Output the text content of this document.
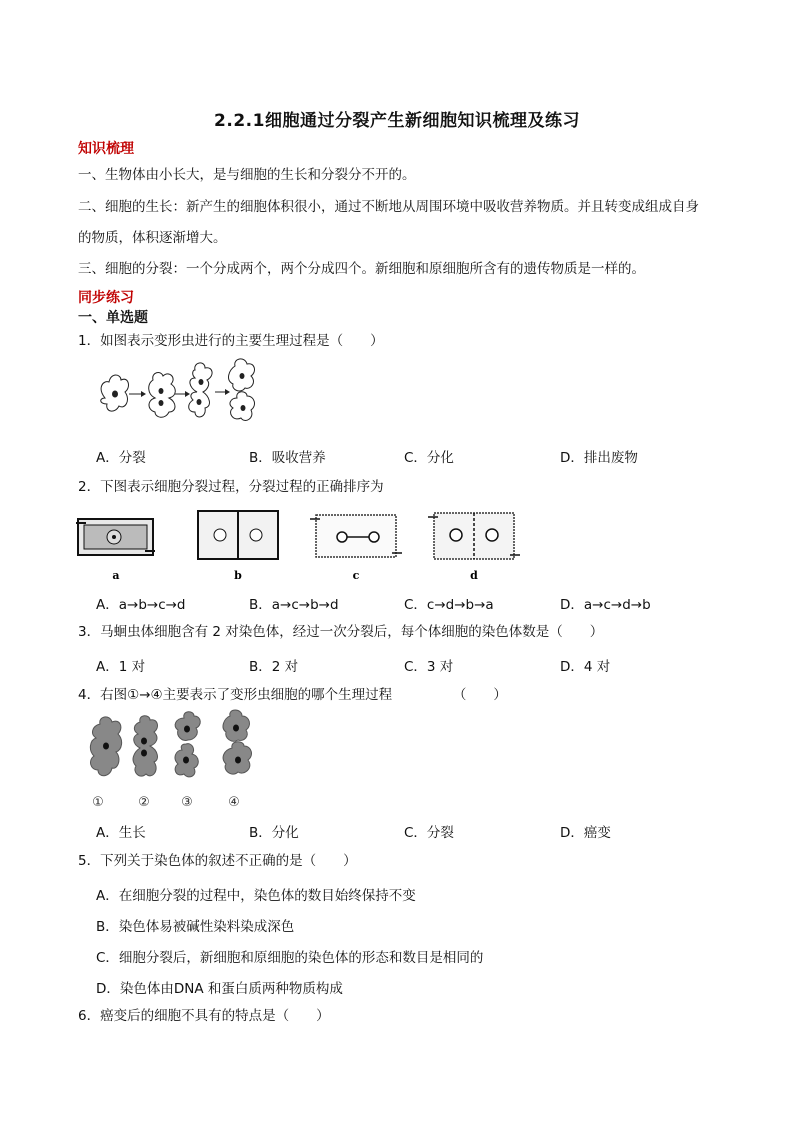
2.2.1细胞通过分裂产生新细胞知识梳理及练习
知识梳理
一、生物体由小长大，是与细胞的生长和分裂分不开的。
二、细胞的生长：新产生的细胞体积很小，通过不断地从周围环境中吸收营养物质。并且转变成组成自身
的物质，体积逐渐增大。
三、细胞的分裂：一个分成两个，两个分成四个。新细胞和原细胞所含有的遗传物质是一样的。
同步练习
一、单选题
1．如图表示变形虫进行的主要生理过程是（　　）
A．分裂	B．吸收营养	C．分化	D．排出废物
2．下图表示细胞分裂过程，分裂过程的正确排序为
a	b	c	d
A．a→b→c→d	B．a→c→b→d	C．c→d→b→a	D．a→c→d→b
3．马蛔虫体细胞含有 2 对染色体，经过一次分裂后，每个体细胞的染色体数是（　　）
A．1 对	B．2 对	C．3 对	D．4 对
4．右图①→④主要表示了变形虫细胞的哪个生理过程　　　　　（　　）
①	② ③	④
A．生长	B．分化	C．分裂	D．癌变
5．下列关于染色体的叙述不正确的是（　　）
A．在细胞分裂的过程中，染色体的数目始终保持不变
B．染色体易被碱性染料染成深色
C．细胞分裂后，新细胞和原细胞的染色体的形态和数目是相同的
D．染色体由DNA 和蛋白质两种物质构成
6．癌变后的细胞不具有的特点是（　　）
